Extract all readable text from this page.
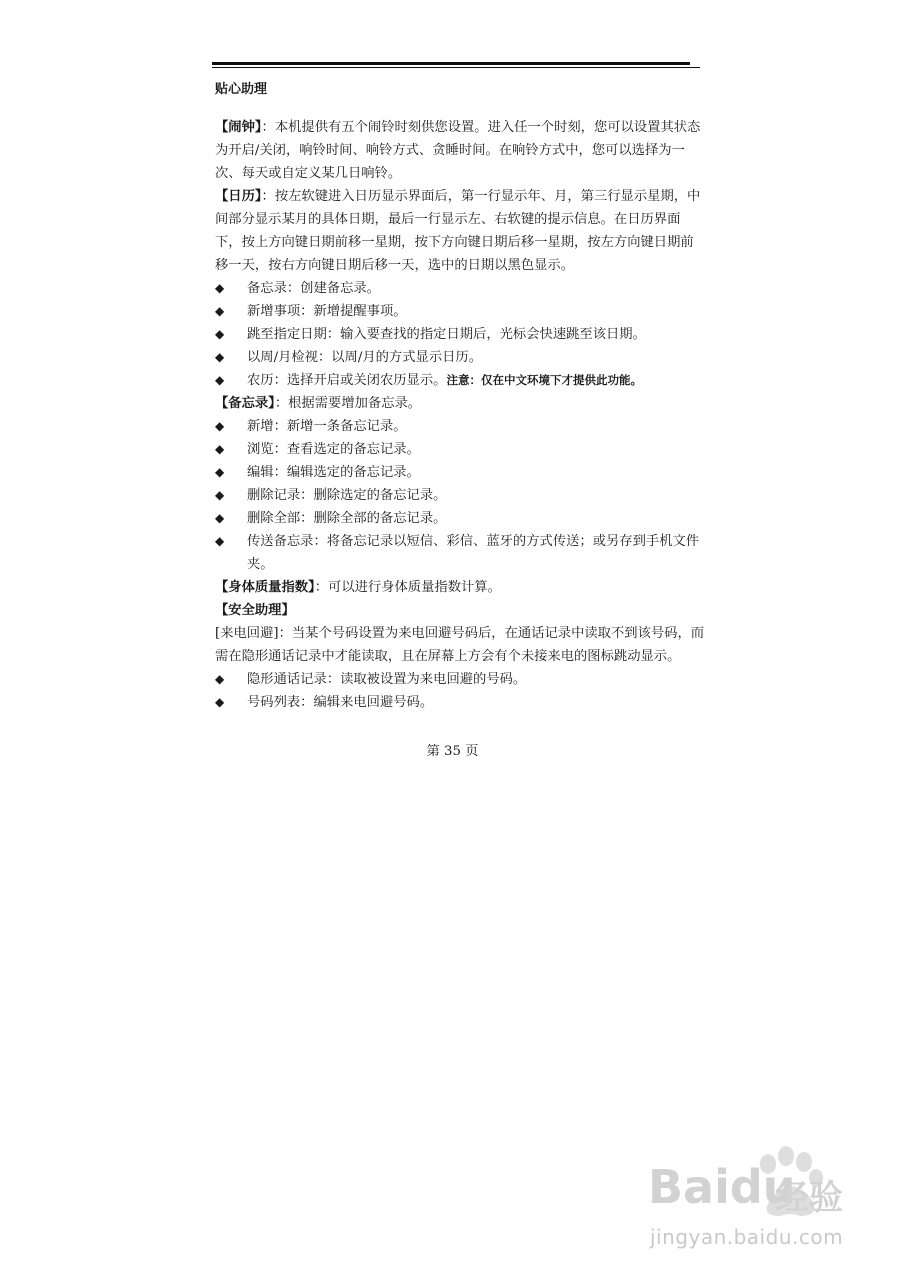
贴心助理

【闹钟】：本机提供有五个闹铃时刻供您设置。进入任一个时刻，您可以设置其状态为开启/关闭，响铃时间、响铃方式、贪睡时间。在响铃方式中，您可以选择为一次、每天或自定义某几日响铃。

【日历】：按左软键进入日历显示界面后，第一行显示年、月，第三行显示星期，中间部分显示某月的具体日期，最后一行显示左、右软键的提示信息。在日历界面下，按上方向键日期前移一星期，按下方向键日期后移一星期，按左方向键日期前移一天，按右方向键日期后移一天，选中的日期以黑色显示。

◆	备忘录：创建备忘录。
◆	新增事项：新增提醒事项。
◆	跳至指定日期：输入要查找的指定日期后，光标会快速跳至该日期。
◆	以周/月检视：以周/月的方式显示日历。
◆	农历：选择开启或关闭农历显示。注意：仅在中文环境下才提供此功能。

【备忘录】：根据需要增加备忘录。

◆	新增：新增一条备忘记录。
◆	浏览：查看选定的备忘记录。
◆	编辑：编辑选定的备忘记录。
◆	删除记录：删除选定的备忘记录。
◆	删除全部：删除全部的备忘记录。
◆	传送备忘录：将备忘记录以短信、彩信、蓝牙的方式传送；或另存到手机文件夹。

【身体质量指数】：可以进行身体质量指数计算。

【安全助理】

[来电回避]：当某个号码设置为来电回避号码后，在通话记录中读取不到该号码，而需在隐形通话记录中才能读取，且在屏幕上方会有个未接来电的图标跳动显示。

◆	隐形通话记录：读取被设置为来电回避的号码。
◆	号码列表：编辑来电回避号码。
第 35 页
Baidu
经验
jingyan.baidu.com
